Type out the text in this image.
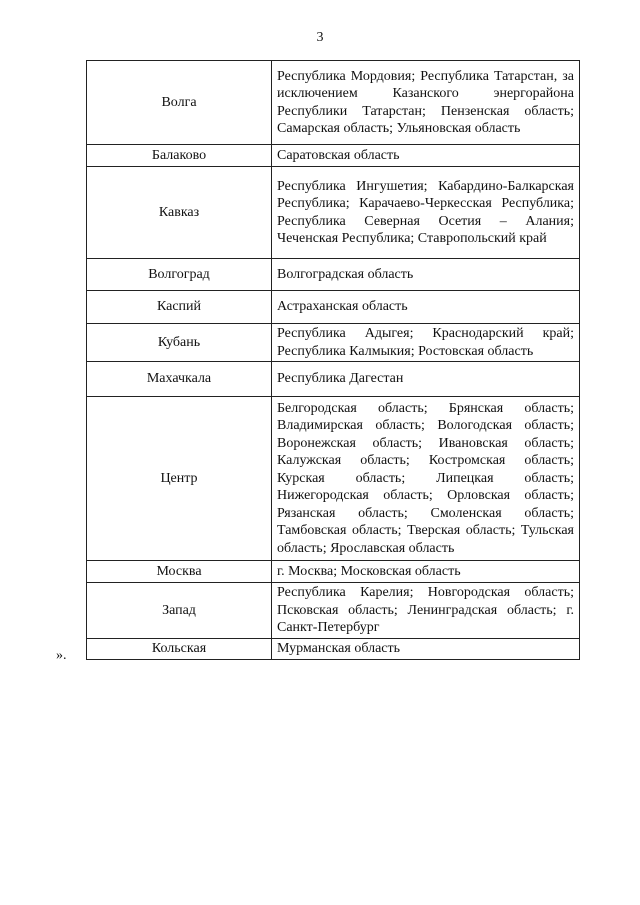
3
Волга	Республика Мордовия; Республика Татарстан, за исключением Казанского энергорайона Республики Татарстан; Пензенская область; Самарская область; Ульяновская область
Балаково	Саратовская область
Кавказ	Республика Ингушетия; Кабардино-Балкарская Республика; Карачаево-Черкесская Республика; Республика Северная Осетия – Алания; Чеченская Республика; Ставропольский край
Волгоград	Волгоградская область
Каспий	Астраханская область
Кубань	Республика Адыгея; Краснодарский край; Республика Калмыкия; Ростовская область
Махачкала	Республика Дагестан
Центр	Белгородская область; Брянская область; Владимирская область; Вологодская область; Воронежская область; Ивановская область; Калужская область; Костромская область; Курская область; Липецкая область; Нижегородская область; Орловская область; Рязанская область; Смоленская область; Тамбовская область; Тверская область; Тульская область; Ярославская область
Москва	г. Москва; Московская область
Запад	Республика Карелия; Новгородская область; Псковская область; Ленинградская область; г. Санкт-Петербург
Кольская	Мурманская область
».
